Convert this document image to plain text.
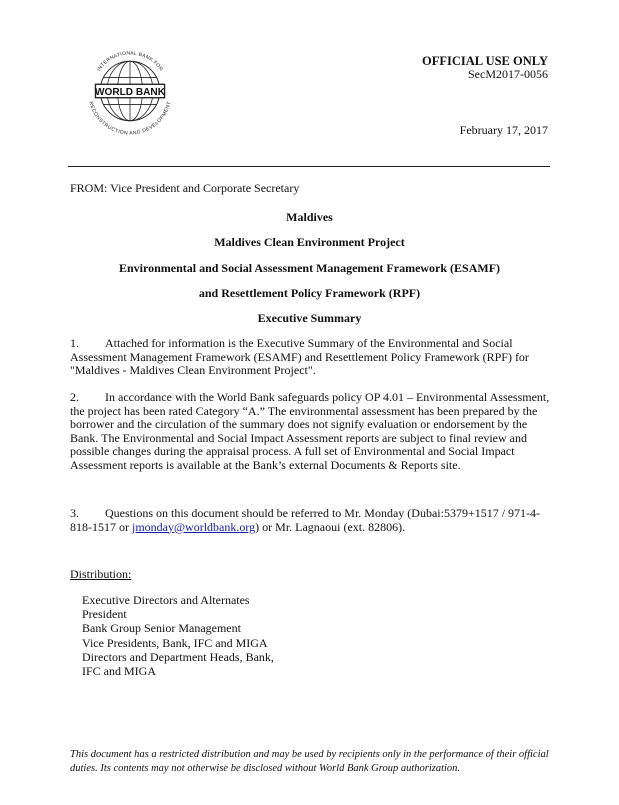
WORLD BANK
INTERNATIONAL BANK FOR
RECONSTRUCTION AND DEVELOPMENT
OFFICIAL USE ONLY
SecM2017-0056
February 17, 2017
FROM: Vice President and Corporate Secretary
Maldives
Maldives Clean Environment Project
Environmental and Social Assessment Management Framework (ESAMF)
and Resettlement Policy Framework (RPF)
Executive Summary
1. Attached for information is the Executive Summary of the Environmental and Social Assessment Management Framework (ESAMF) and Resettlement Policy Framework (RPF) for "Maldives - Maldives Clean Environment Project".
2. In accordance with the World Bank safeguards policy OP 4.01 – Environmental Assessment, the project has been rated Category “A.” The environmental assessment has been prepared by the borrower and the circulation of the summary does not signify evaluation or endorsement by the Bank. The Environmental and Social Impact Assessment reports are subject to final review and possible changes during the appraisal process. A full set of Environmental and Social Impact Assessment reports is available at the Bank’s external Documents & Reports site.
3. Questions on this document should be referred to Mr. Monday (Dubai:5379+1517 / 971-4-818-1517 or jmonday@worldbank.org) or Mr. Lagnaoui (ext. 82806).
Distribution:
Executive Directors and Alternates
President
Bank Group Senior Management
Vice Presidents, Bank, IFC and MIGA
Directors and Department Heads, Bank,
IFC and MIGA
This document has a restricted distribution and may be used by recipients only in the performance of their official duties. Its contents may not otherwise be disclosed without World Bank Group authorization.
